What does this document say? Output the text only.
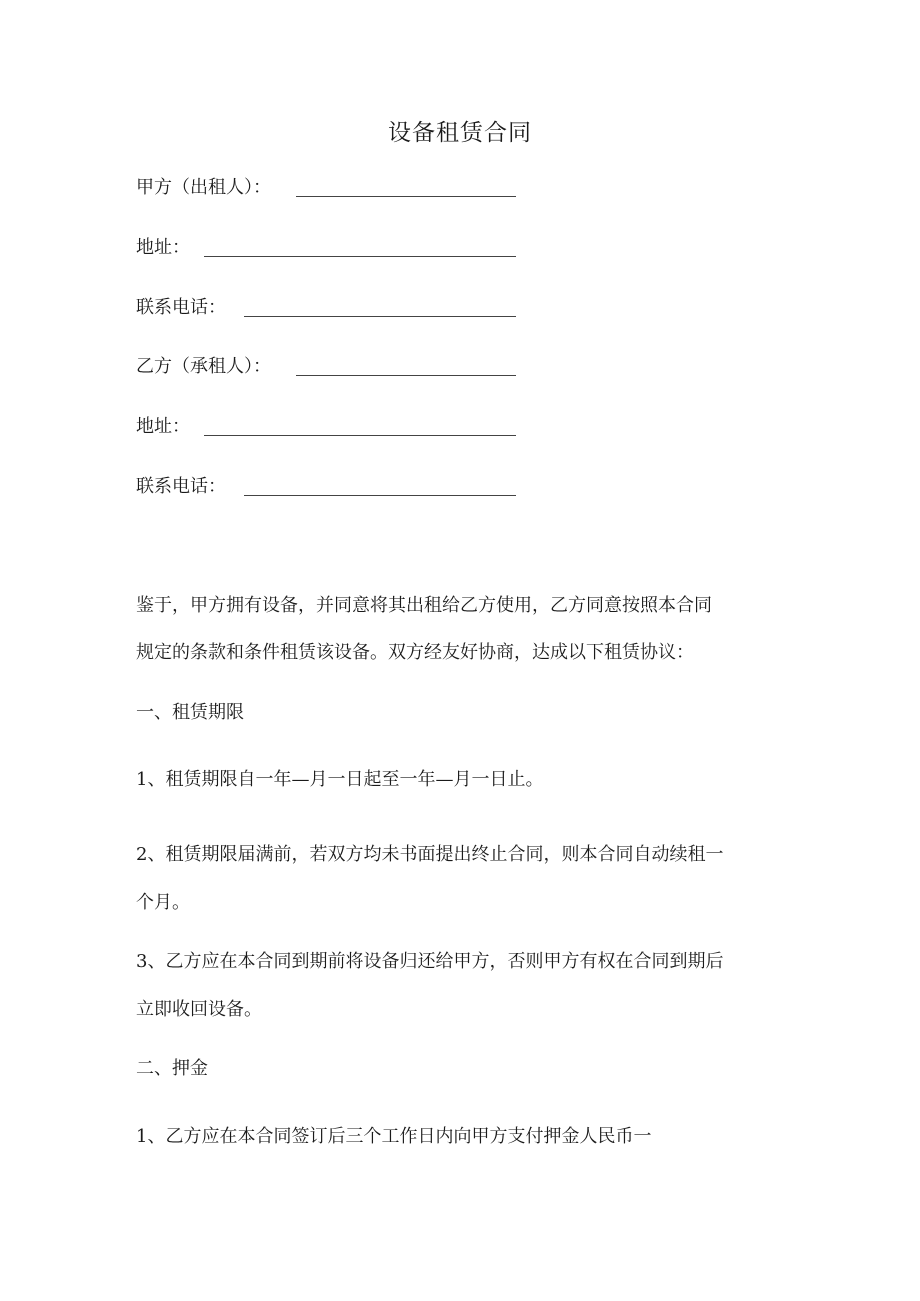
设备租赁合同
甲方（出租人）：
地址：
联系电话：
乙方（承租人）：
地址：
联系电话：
鉴于，甲方拥有设备，并同意将其出租给乙方使用，乙方同意按照本合同
规定的条款和条件租赁该设备。双方经友好协商，达成以下租赁协议：
一、租赁期限
1、租赁期限自一年—月一日起至一年—月一日止。
2、租赁期限届满前，若双方均未书面提出终止合同，则本合同自动续租一
个月。
3、乙方应在本合同到期前将设备归还给甲方，否则甲方有权在合同到期后
立即收回设备。
二、押金
1、乙方应在本合同签订后三个工作日内向甲方支付押金人民币一
